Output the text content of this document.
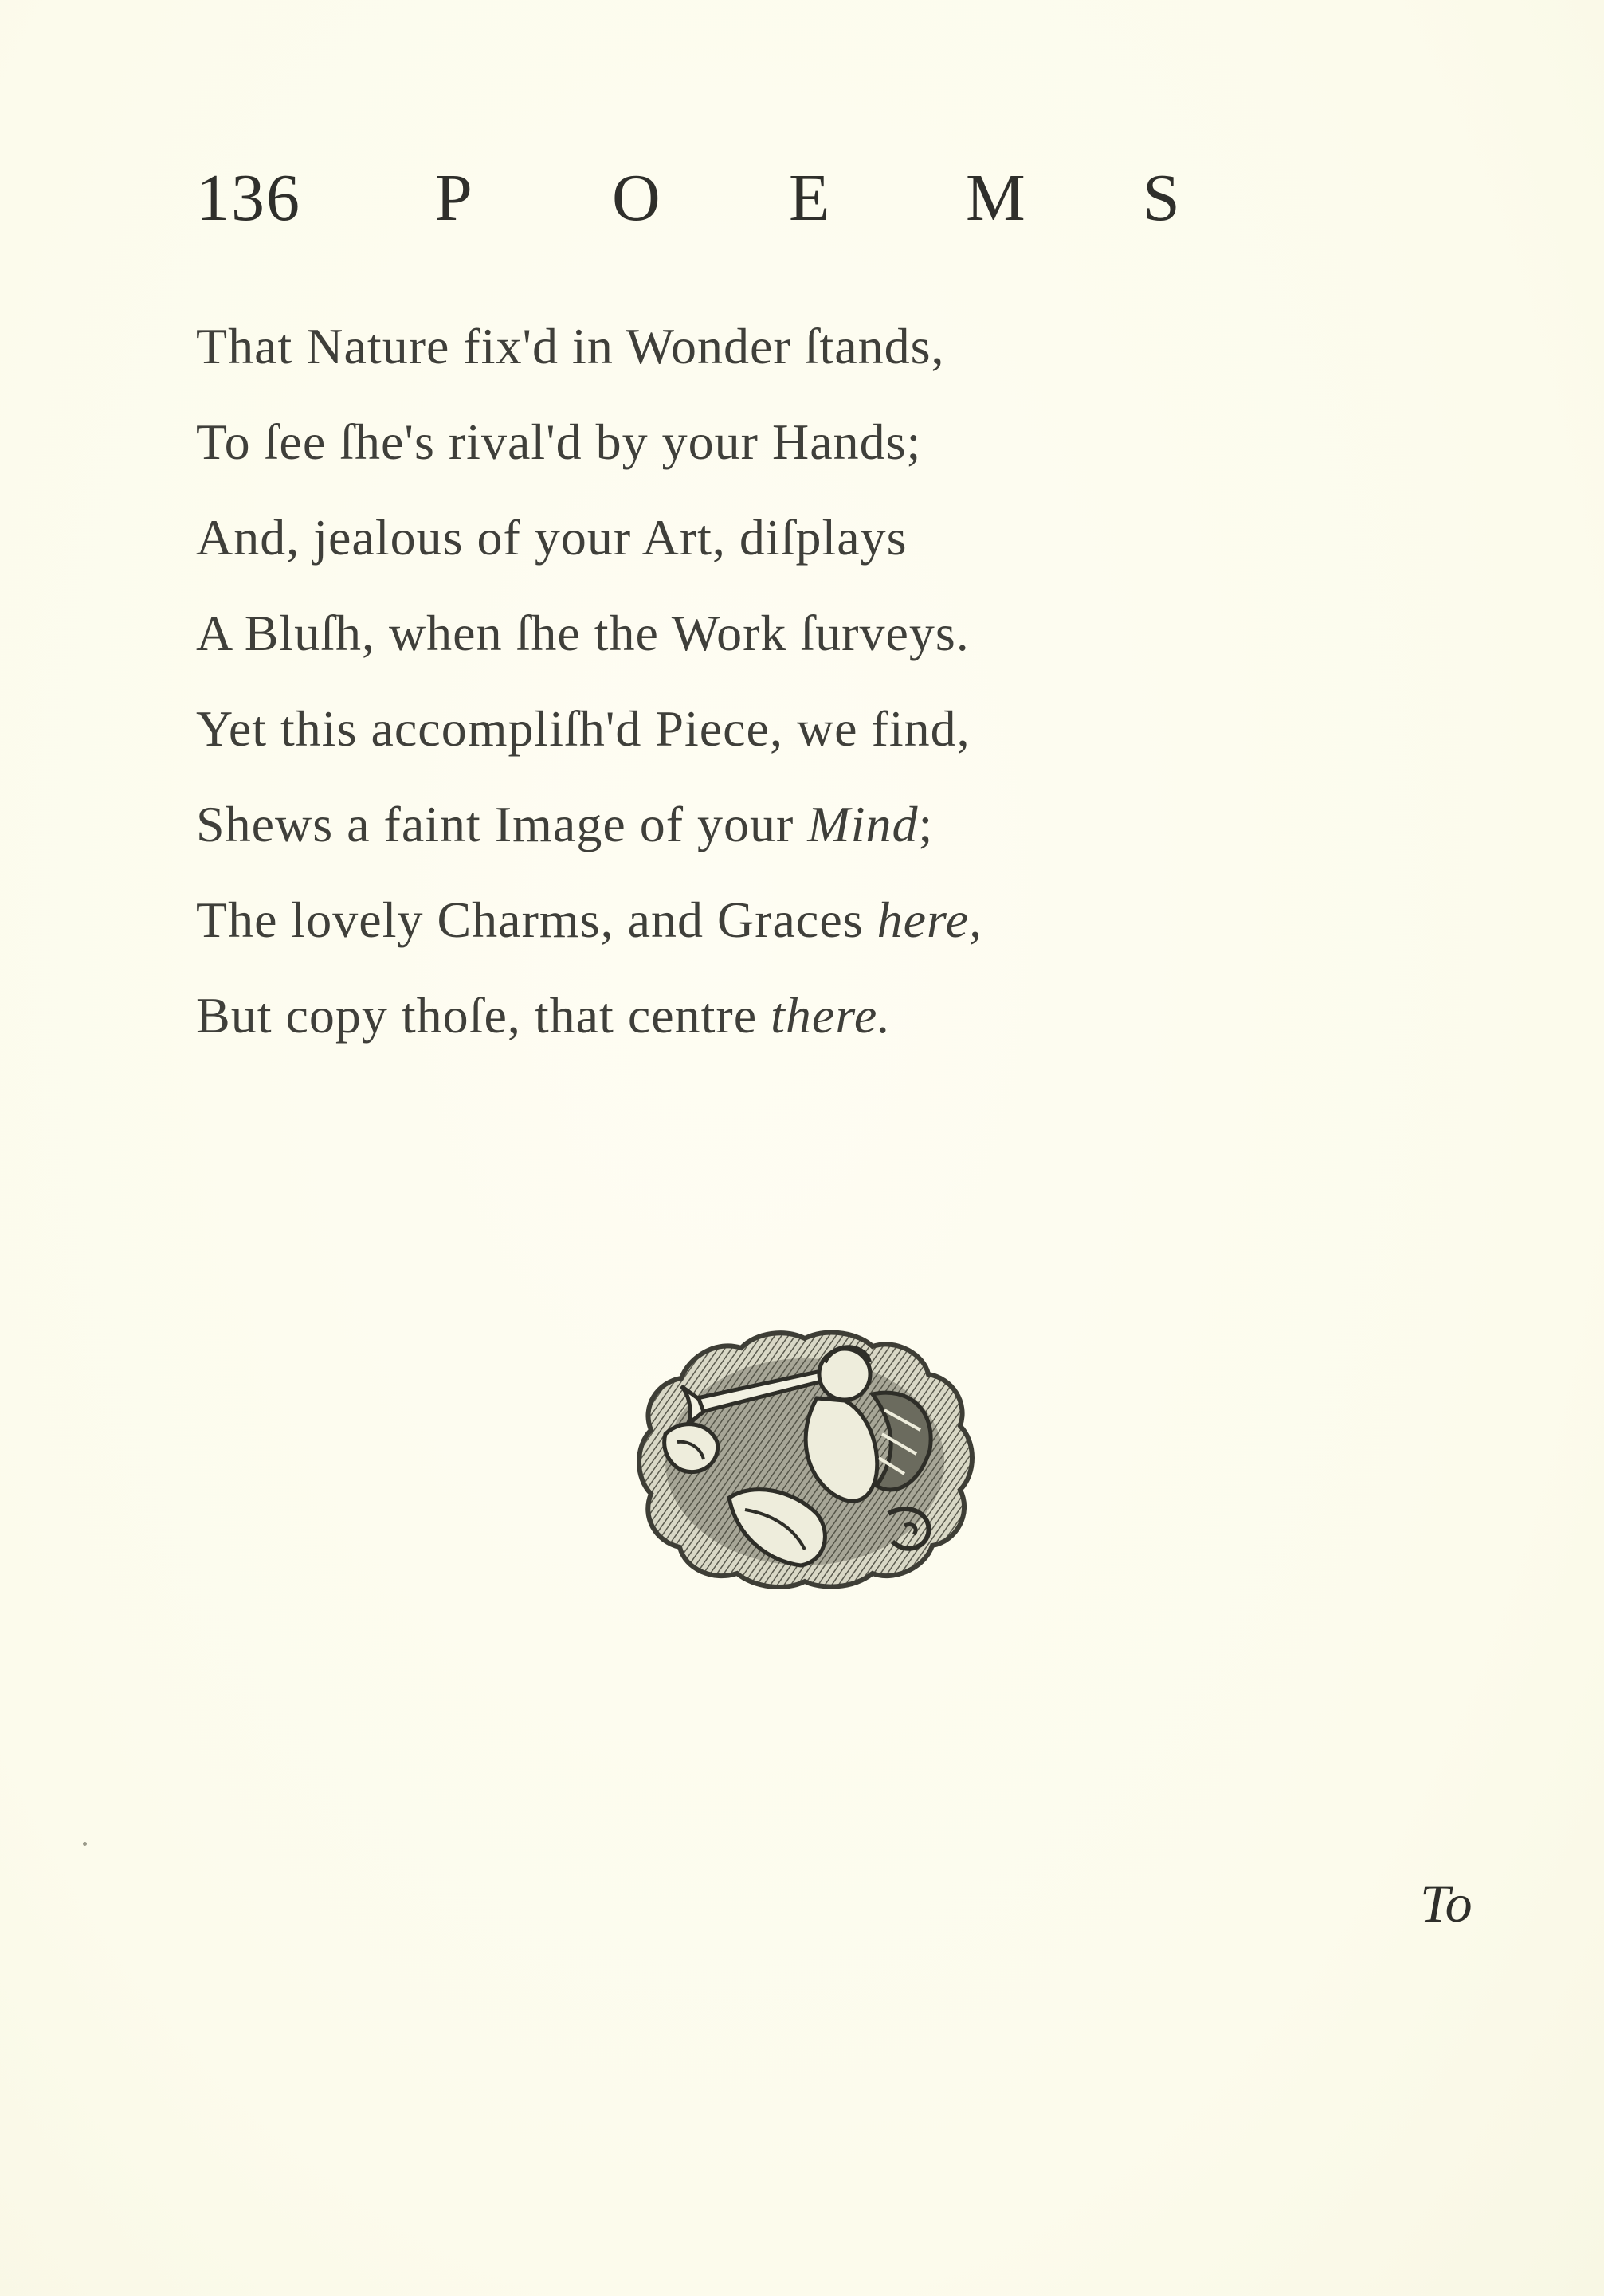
136 P	O	E	M	S
That Nature fix'd in Wonder ſtands,
To ſee ſhe's rival'd by your Hands;
And, jealous of your Art, diſplays
A Bluſh, when ſhe the Work ſurveys.
Yet this accompliſh'd Piece, we find,
Shews a faint Image of your Mind;
The lovely Charms, and Graces here,
But copy thoſe, that centre there.
To
